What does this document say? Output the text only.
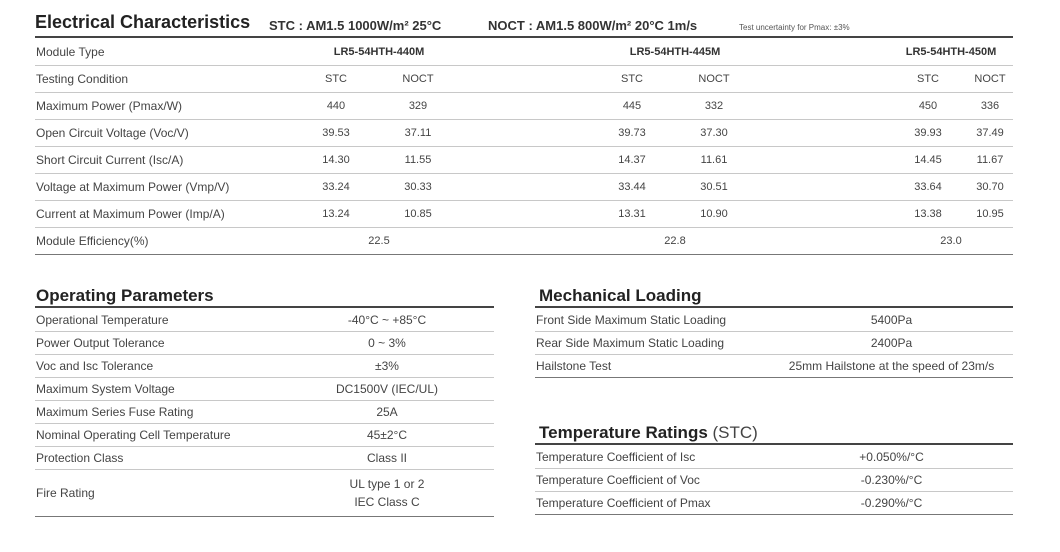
Electrical Characteristics STC : AM1.5 1000W/m² 25°C	NOCT : AM1.5 800W/m² 20°C 1m/s	Test uncertainty for Pmax: ±3%
Module Type	LR5-54HTH-440M			LR5-54HTH-445M			LR5-54HTH-450M	
Testing Condition	STC	NOCT		STC	NOCT		STC	NOCT
Maximum Power (Pmax/W)	440	329		445	332		450	336
Open Circuit Voltage (Voc/V)	39.53	37.11		39.73	37.30		39.93	37.49
Short Circuit Current (Isc/A)	14.30	11.55		14.37	11.61		14.45	11.67
Voltage at Maximum Power (Vmp/V)	33.24	30.33		33.44	30.51		33.64	30.70
Current at Maximum Power (Imp/A)	13.24	10.85		13.31	10.90		13.38	10.95
Module Efficiency(%)	22.5			22.8			23.0	
Operating Parameters
Operational Temperature	-40°C ~ +85°C
Power Output Tolerance	0 ~ 3%
Voc and Isc Tolerance	±3%
Maximum System Voltage	DC1500V (IEC/UL)
Maximum Series Fuse Rating	25A
Nominal Operating Cell Temperature	45±2°C
Protection Class	Class II
Fire Rating	UL type 1 or 2
IEC Class C
Mechanical Loading
Front Side Maximum Static Loading	5400Pa
Rear Side Maximum Static Loading	2400Pa
Hailstone Test	25mm Hailstone at the speed of 23m/s
Temperature Ratings (STC)
Temperature Coefficient of Isc	+0.050%/°C
Temperature Coefficient of Voc	-0.230%/°C
Temperature Coefficient of Pmax	-0.290%/°C
